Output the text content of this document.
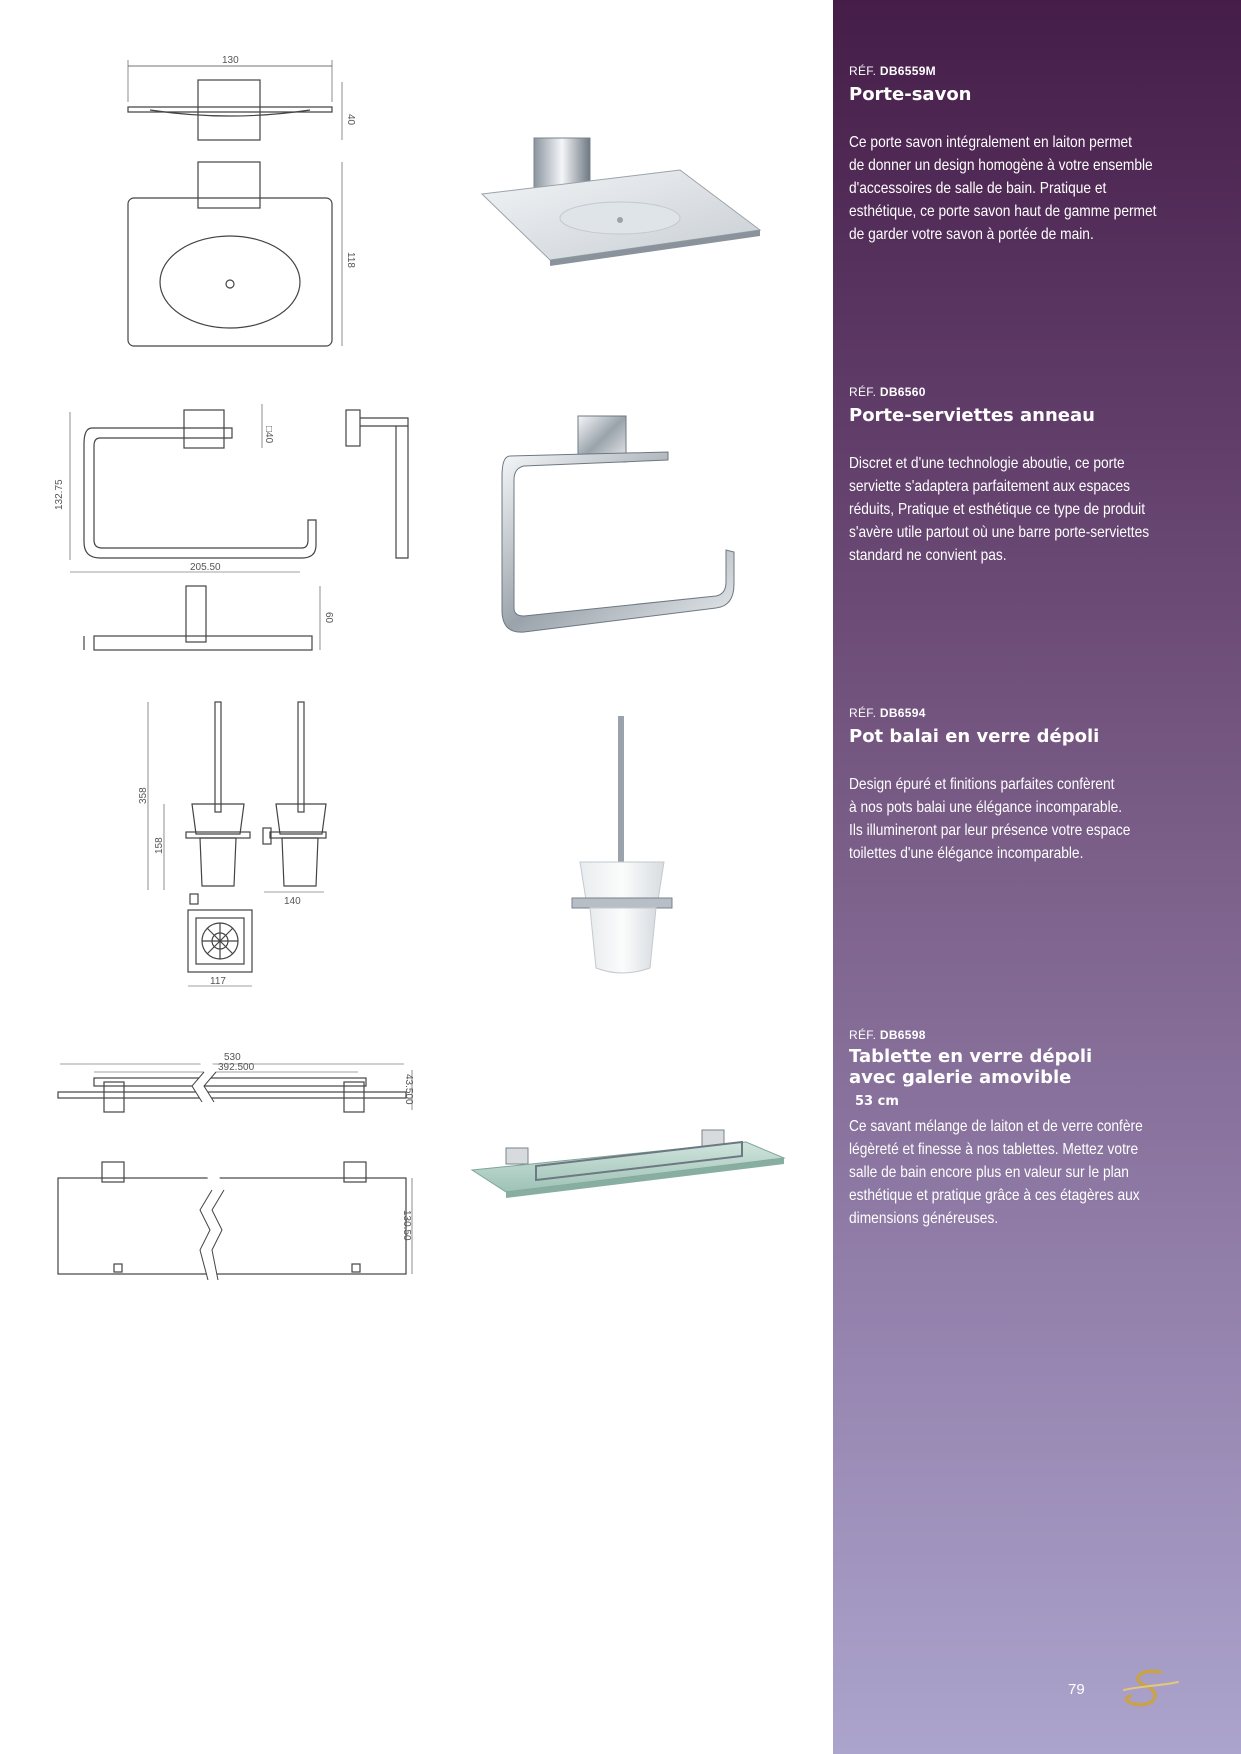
RÉF. DB6559M

Porte-savon

Ce porte savon intégralement en laiton permet
de donner un design homogène à votre ensemble
d'accessoires de salle de bain. Pratique et
esthétique, ce porte savon haut de gamme permet
de garder votre savon à portée de main.

RÉF. DB6560

Porte-serviettes anneau

Discret et d'une technologie aboutie, ce porte
serviette s'adaptera parfaitement aux espaces
réduits, Pratique et esthétique ce type de produit
s'avère utile partout où une barre porte-serviettes
standard ne convient pas.

RÉF. DB6594

Pot balai en verre dépoli

Design épuré et finitions parfaites confèrent
à nos pots balai une élégance incomparable.
Ils illumineront par leur présence votre espace
toilettes d'une élégance incomparable.

RÉF. DB6598

Tablette en verre dépoli
avec galerie amovible

53 cm

Ce savant mélange de laiton et de verre confère
légèreté et finesse à nos tablettes. Mettez votre
salle de bain encore plus en valeur sur le plan
esthétique et pratique grâce à ces étagères aux
dimensions généreuses.

79
130
40
118
132.75
205.50
□40
60
358
158
140
117
530
392.500
43.500
130.50
